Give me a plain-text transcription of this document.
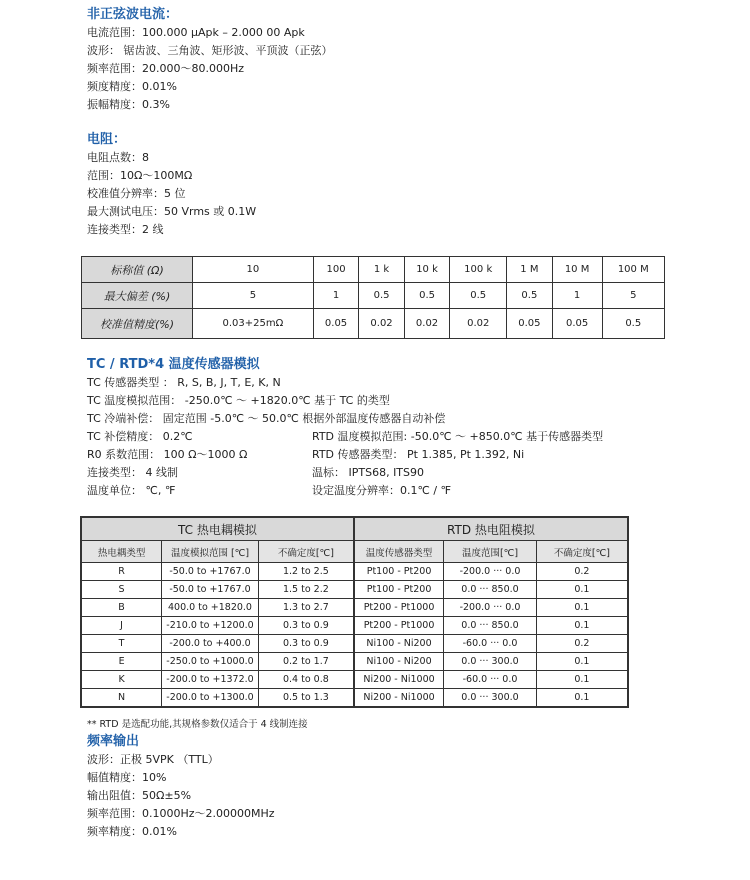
非正弦波电流：
电流范围：100.000 µApk – 2.000 00 Apk
波形： 锯齿波、三角波、矩形波、平顶波（正弦）
频率范围：20.000～80.000Hz
频度精度：0.01%
振幅精度：0.3%
电阻：
电阻点数：8
范围：10Ω～100MΩ
校准值分辨率：5 位
最大测试电压：50 Vrms 或 0.1W
连接类型：2 线
标称值 (Ω)	10	100	1 k	10 k	100 k	1 M	10 M	100 M
最大偏差 (%)	5	1	0.5	0.5	0.5	0.5	1	5
校准值精度(%)	0.03+25mΩ	0.05	0.02	0.02	0.02	0.05	0.05	0.5
TC / RTD*4 温度传感器模拟
TC 传感器类型 ： R, S, B, J, T, E, K, N
TC 温度模拟范围： -250.0℃ ～ +1820.0℃ 基于 TC 的类型
TC 冷端补偿： 固定范围 -5.0℃ ～ 50.0℃ 根据外部温度传感器自动补偿
TC 补偿精度： 0.2℃	RTD 温度模拟范围: -50.0℃ ～ +850.0℃ 基于传感器类型
R0 系数范围： 100 Ω～1000 Ω	RTD 传感器类型： Pt 1.385, Pt 1.392, Ni
连接类型： 4 线制	温标： IPTS68, ITS90
温度单位： ℃, ℉	设定温度分辨率：0.1℃ / ℉
TC 热电耦模拟			RTD 热电阻模拟		
热电耦类型	温度模拟范围 [℃]	不确定度[℃]	温度传感器类型	温度范围[℃]	不确定度[℃]
R	-50.0 to +1767.0	1.2 to 2.5	Pt100 - Pt200	-200.0 ··· 0.0	0.2
S	-50.0 to +1767.0	1.5 to 2.2	Pt100 - Pt200	0.0 ··· 850.0	0.1
B	400.0 to +1820.0	1.3 to 2.7	Pt200 - Pt1000	-200.0 ··· 0.0	0.1
J	-210.0 to +1200.0	0.3 to 0.9	Pt200 - Pt1000	0.0 ··· 850.0	0.1
T	-200.0 to +400.0	0.3 to 0.9	Ni100 - Ni200	-60.0 ··· 0.0	0.2
E	-250.0 to +1000.0	0.2 to 1.7	Ni100 - Ni200	0.0 ··· 300.0	0.1
K	-200.0 to +1372.0	0.4 to 0.8	Ni200 - Ni1000	-60.0 ··· 0.0	0.1
N	-200.0 to +1300.0	0.5 to 1.3	Ni200 - Ni1000	0.0 ··· 300.0	0.1
** RTD 是选配功能,其规格参数仅适合于 4 线制连接
频率输出
波形：正极 5VPK （TTL）
幅值精度：10%
输出阻值：50Ω±5%
频率范围：0.1000Hz～2.00000MHz
频率精度：0.01%
